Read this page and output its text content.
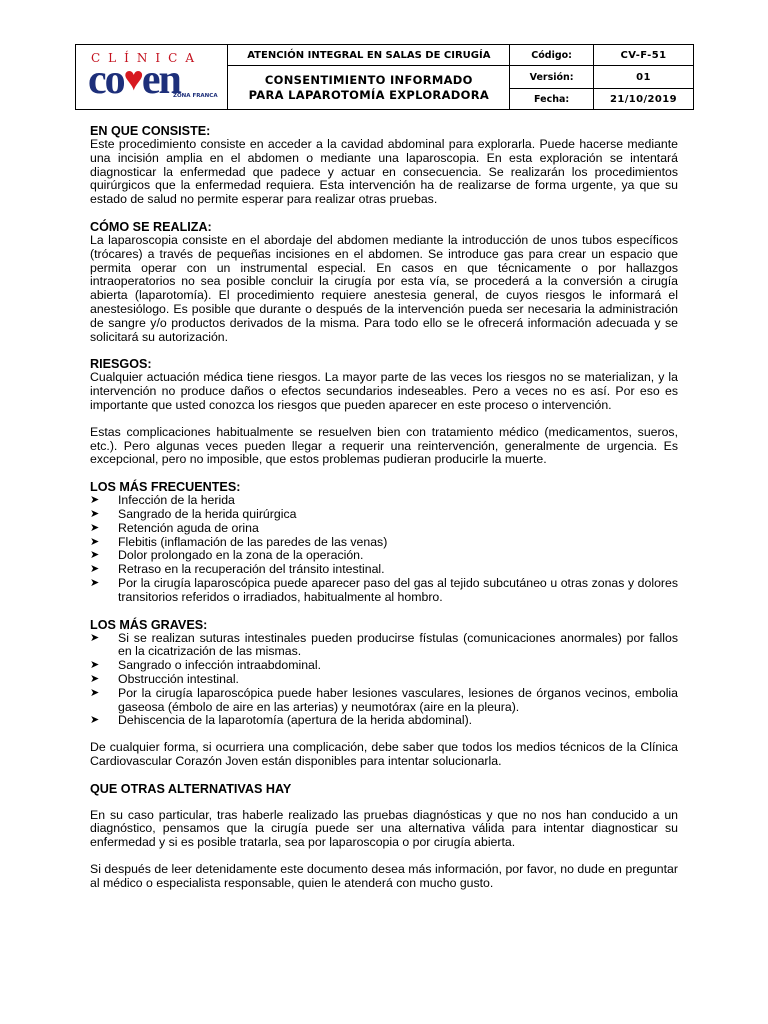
CLÍNICA
co♥en
ZONA FRANCA	ATENCIÓN INTEGRAL EN SALAS DE CIRUGÍA	Código:	CV-F-51

	CONSENTIMIENTO INFORMADO
PARA LAPAROTOMÍA EXPLORADORA	Versión:	01
		Fecha:	21/10/2019
EN QUE CONSISTE:

Este procedimiento consiste en acceder a la cavidad abdominal para explorarla. Puede hacerse mediante una incisión amplia en el abdomen o mediante una laparoscopia. En esta exploración se intentará diagnosticar la enfermedad que padece y actuar en consecuencia. Se realizarán los procedimientos quirúrgicos que la enfermedad requiera. Esta intervención ha de realizarse de forma urgente, ya que su estado de salud no permite esperar para realizar otras pruebas.

CÓMO SE REALIZA:

La laparoscopia consiste en el abordaje del abdomen mediante la introducción de unos tubos específicos (trócares) a través de pequeñas incisiones en el abdomen. Se introduce gas para crear un espacio que permita operar con un instrumental especial. En casos en que técnicamente o por hallazgos intraoperatorios no sea posible concluir la cirugía por esta vía, se procederá a la conversión a cirugía abierta (laparotomía). El procedimiento requiere anestesia general, de cuyos riesgos le informará el anestesiólogo. Es posible que durante o después de la intervención pueda ser necesaria la administración de sangre y/o productos derivados de la misma. Para todo ello se le ofrecerá información adecuada y se solicitará su autorización.

RIESGOS:

Cualquier actuación médica tiene riesgos. La mayor parte de las veces los riesgos no se materializan, y la intervención no produce daños o efectos secundarios indeseables. Pero a veces no es así. Por eso es importante que usted conozca los riesgos que pueden aparecer en este proceso o intervención.

Estas complicaciones habitualmente se resuelven bien con tratamiento médico (medicamentos, sueros, etc.). Pero algunas veces pueden llegar a requerir una reintervención, generalmente de urgencia. Es excepcional, pero no imposible, que estos problemas pudieran producirle la muerte.

LOS MÁS FRECUENTES:
➤ Infección de la herida
➤ Sangrado de la herida quirúrgica
➤ Retención aguda de orina
➤ Flebitis (inflamación de las paredes de las venas)
➤ Dolor prolongado en la zona de la operación.
➤ Retraso en la recuperación del tránsito intestinal.
➤ Por la cirugía laparoscópica puede aparecer paso del gas al tejido subcutáneo u otras zonas y dolores transitorios referidos o irradiados, habitualmente al hombro.
LOS MÁS GRAVES:
➤ Si se realizan suturas intestinales pueden producirse fístulas (comunicaciones anormales) por fallos en la cicatrización de las mismas.
➤ Sangrado o infección intraabdominal.
➤ Obstrucción intestinal.
➤ Por la cirugía laparoscópica puede haber lesiones vasculares, lesiones de órganos vecinos, embolia gaseosa (émbolo de aire en las arterias) y neumotórax (aire en la pleura).
➤ Dehiscencia de la laparotomía (apertura de la herida abdominal).

De cualquier forma, si ocurriera una complicación, debe saber que todos los medios técnicos de la Clínica Cardiovascular Corazón Joven están disponibles para intentar solucionarla.

QUE OTRAS ALTERNATIVAS HAY

En su caso particular, tras haberle realizado las pruebas diagnósticas y que no nos han conducido a un diagnóstico, pensamos que la cirugía puede ser una alternativa válida para intentar diagnosticar su enfermedad y si es posible tratarla, sea por laparoscopia o por cirugía abierta.

Si después de leer detenidamente este documento desea más información, por favor, no dude en preguntar al médico o especialista responsable, quien le atenderá con mucho gusto.
